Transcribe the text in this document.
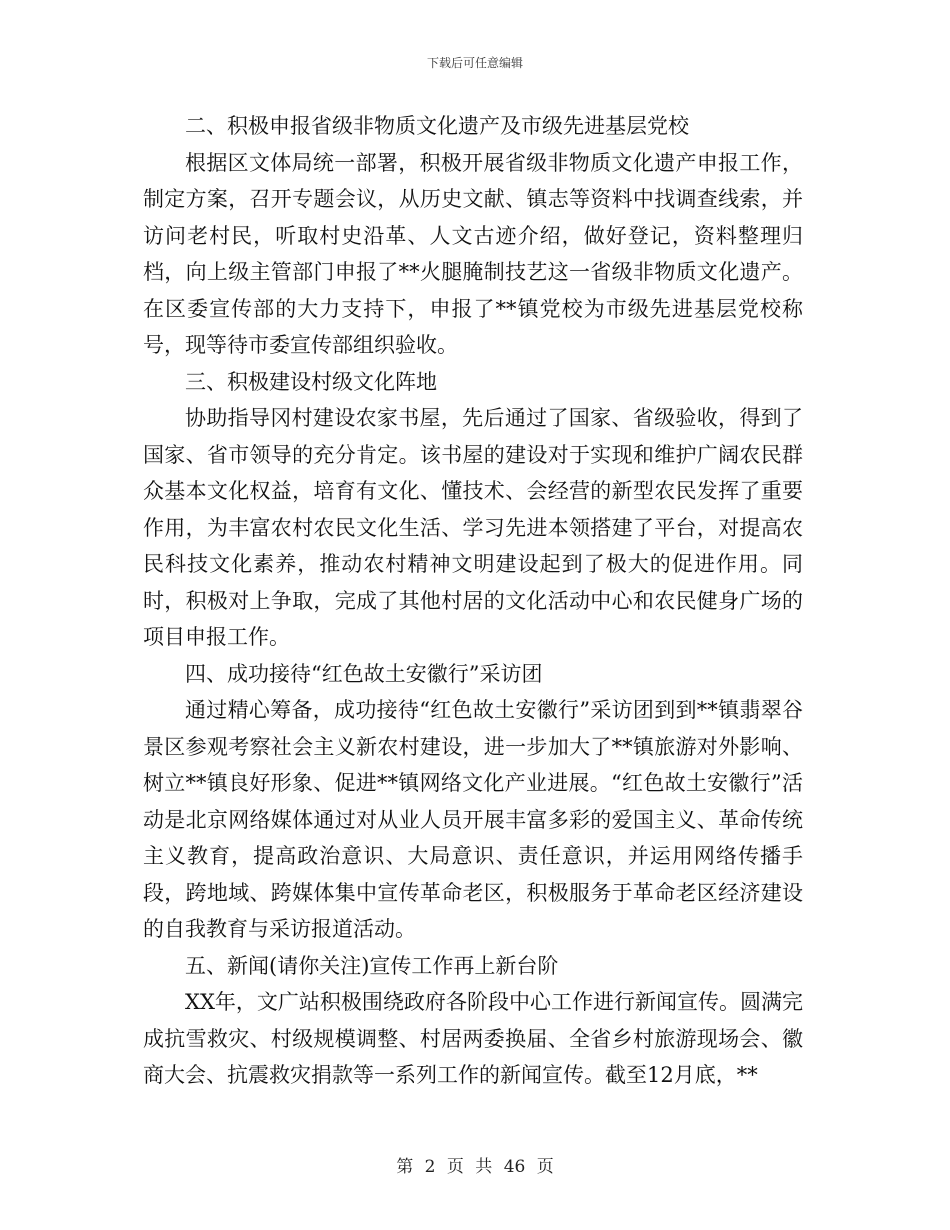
下载后可任意编辑

二、积极申报省级非物质文化遗产及市级先进基层党校

根据区文体局统一部署，积极开展省级非物质文化遗产申报工作，制定方案，召开专题会议，从历史文献、镇志等资料中找调查线索，并访问老村民，听取村史沿革、人文古迹介绍，做好登记，资料整理归档，向上级主管部门申报了**火腿腌制技艺这一省级非物质文化遗产。在区委宣传部的大力支持下，申报了**镇党校为市级先进基层党校称号，现等待市委宣传部组织验收。

三、积极建设村级文化阵地

协助指导冈村建设农家书屋，先后通过了国家、省级验收，得到了国家、省市领导的充分肯定。该书屋的建设对于实现和维护广阔农民群众基本文化权益，培育有文化、懂技术、会经营的新型农民发挥了重要作用，为丰富农村农民文化生活、学习先进本领搭建了平台，对提高农民科技文化素养，推动农村精神文明建设起到了极大的促进作用。同时，积极对上争取，完成了其他村居的文化活动中心和农民健身广场的项目申报工作。

四、成功接待“红色故土安徽行”采访团

通过精心筹备，成功接待“红色故土安徽行”采访团到到**镇翡翠谷景区参观考察社会主义新农村建设，进一步加大了**镇旅游对外影响、树立**镇良好形象、促进**镇网络文化产业进展。“红色故土安徽行”活动是北京网络媒体通过对从业人员开展丰富多彩的爱国主义、革命传统主义教育，提高政治意识、大局意识、责任意识，并运用网络传播手段，跨地域、跨媒体集中宣传革命老区，积极服务于革命老区经济建设的自我教育与采访报道活动。

五、新闻(请你关注)宣传工作再上新台阶

XX年，文广站积极围绕政府各阶段中心工作进行新闻宣传。圆满完成抗雪救灾、村级规模调整、村居两委换届、全省乡村旅游现场会、徽商大会、抗震救灾捐款等一系列工作的新闻宣传。截至12月底，**

第 2 页 共 46 页
